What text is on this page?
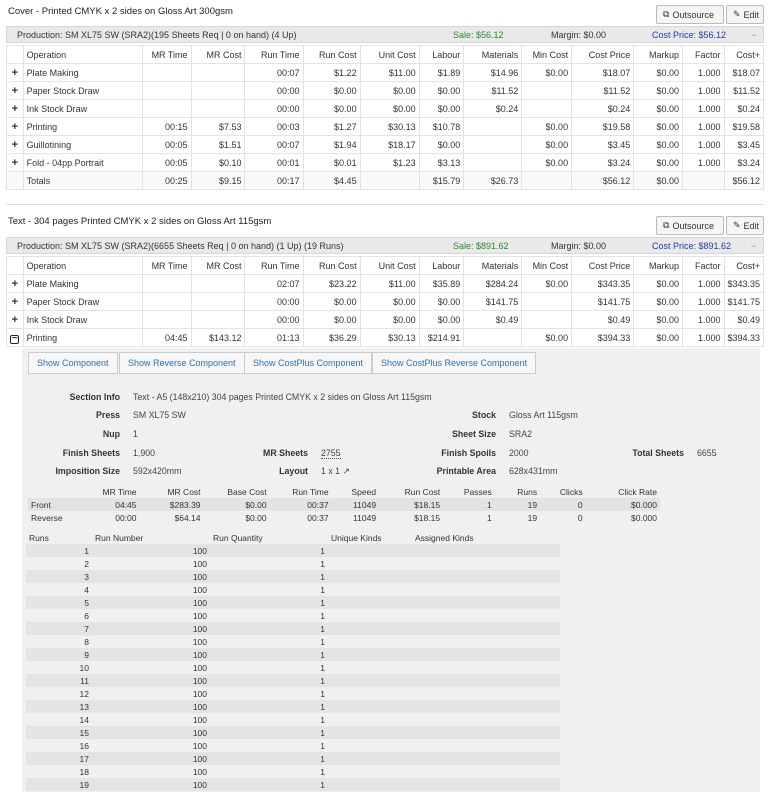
Cover - Printed CMYK x 2 sides on Gloss Art 300gsm	⧉ Outsource ✎ Edit
Production: SM XL75 SW (SRA2)(195 Sheets Req | 0 on hand) (4 Up)	Sale: $56.12	Margin: $0.00	Cost Price: $56.12	−
	Operation	MR Time	MR Cost	Run Time	Run Cost	Unit Cost	Labour	Materials	Min Cost	Cost Price	Markup	Factor	Cost+
+	Plate Making			00:07	$1.22	$11.00	$1.89	$14.96	$0.00	$18.07	$0.00	1.000	$18.07
+	Paper Stock Draw			00:00	$0.00	$0.00	$0.00	$11.52		$11.52	$0.00	1.000	$11.52
+	Ink Stock Draw			00:00	$0.00	$0.00	$0.00	$0.24		$0.24	$0.00	1.000	$0.24
+	Printing	00:15	$7.53	00:03	$1.27	$30.13	$10.78		$0.00	$19.58	$0.00	1.000	$19.58
+	Guillotining	00:05	$1.51	00:07	$1.94	$18.17	$0.00		$0.00	$3.45	$0.00	1.000	$3.45
+	Fold - 04pp Portrait	00:05	$0.10	00:01	$0.01	$1.23	$3.13		$0.00	$3.24	$0.00	1.000	$3.24
	Totals	00:25	$9.15	00:17	$4.45		$15.79	$26.73		$56.12	$0.00		$56.12
Text - 304 pages Printed CMYK x 2 sides on Gloss Art 115gsm	⧉ Outsource ✎ Edit
Production: SM XL75 SW (SRA2)(6655 Sheets Req | 0 on hand) (1 Up) (19 Runs)	Sale: $891.62	Margin: $0.00	Cost Price: $891.62 −
	Operation	MR Time	MR Cost	Run Time	Run Cost	Unit Cost	Labour	Materials	Min Cost	Cost Price	Markup	Factor	Cost+
+	Plate Making			02:07	$23.22	$11.00	$35.89	$284.24	$0.00	$343.35	$0.00	1.000	$343.35
+	Paper Stock Draw			00:00	$0.00	$0.00	$0.00	$141.75		$141.75	$0.00	1.000	$141.75
+	Ink Stock Draw			00:00	$0.00	$0.00	$0.00	$0.49		$0.49	$0.00	1.000	$0.49
−	Printing	04:45	$143.12	01:13	$36.29	$30.13	$214.91		$0.00	$394.33	$0.00	1.000	$394.33
Show Component	Show Reverse Component	Show CostPlus Component	Show CostPlus Reverse Component
Section Info Text - A5 (148x210) 304 pages Printed CMYK x 2 sides on Gloss Art 115gsm
Press SM XL75 SW	Stock Gloss Art 115gsm
Nup 1	Sheet Size SRA2
Finish Sheets 1,900	MR Sheets 2755	Finish Spoils 2000	Total Sheets 6655
Imposition Size 592x420mm	Layout 1 x 1 ↗	Printable Area 628x431mm
	MR Time	MR Cost	Base Cost	Run Time	Speed	Run Cost	Passes	Runs	Clicks	Click Rate
Front	04:45	$283.39	$0.00	00:37	11049	$18.15	1	19	0	$0.000
Reverse	00:00	$64.14	$0.00	00:37	11049	$18.15	1	19	0	$0.000
Runs	Run Number	Run Quantity	Unique Kinds	Assigned Kinds
1	100	1		
2	100	1		
3	100	1		
4	100	1		
5	100	1		
6	100	1		
7	100	1		
8	100	1		
9	100	1		
10	100	1		
11	100	1		
12	100	1		
13	100	1		
14	100	1		
15	100	1		
16	100	1		
17	100	1		
18	100	1		
19	100	1		
